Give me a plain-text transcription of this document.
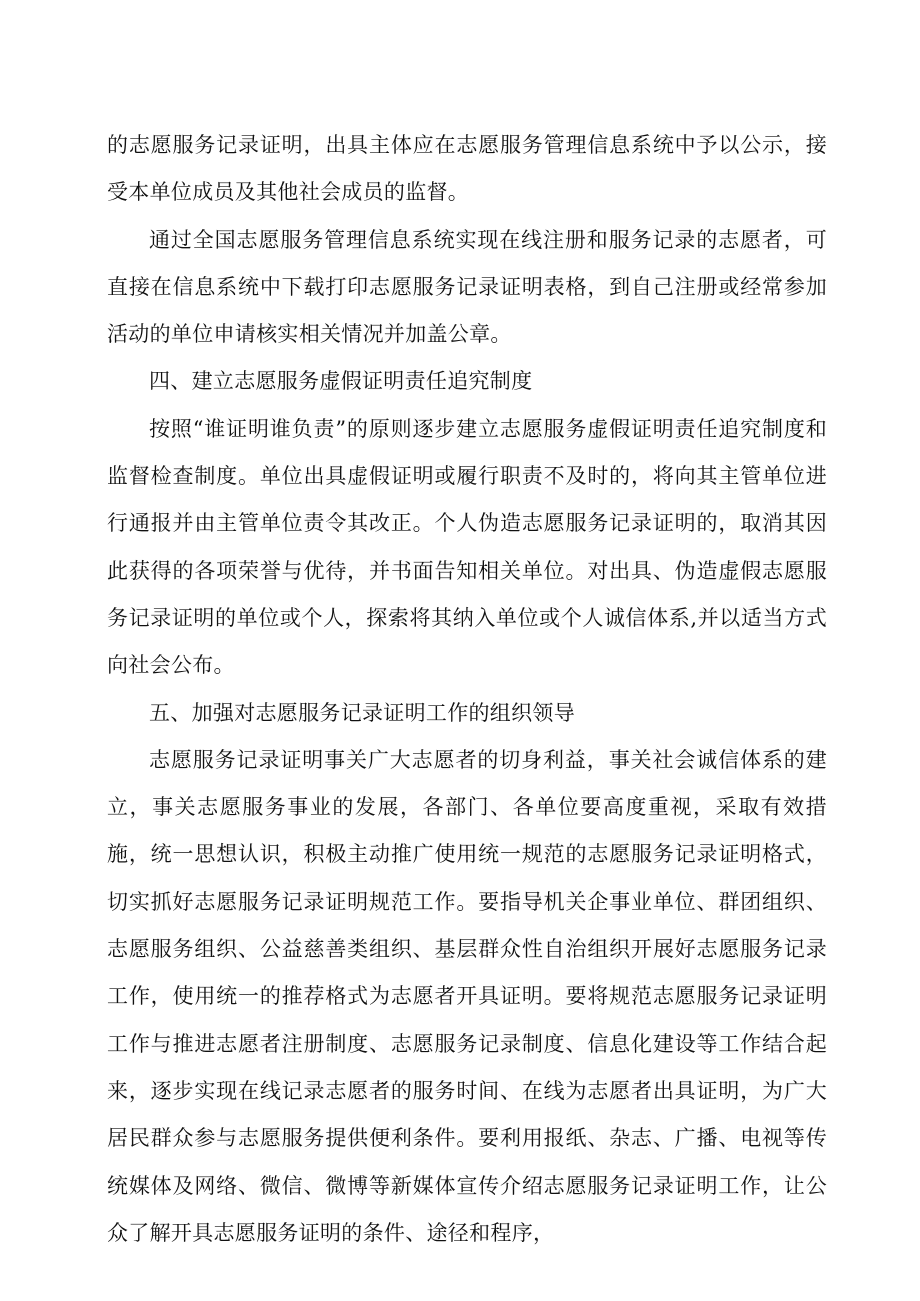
的志愿服务记录证明，出具主体应在志愿服务管理信息系统中予以公示，接受本单位成员及其他社会成员的监督。

通过全国志愿服务管理信息系统实现在线注册和服务记录的志愿者，可直接在信息系统中下载打印志愿服务记录证明表格，到自己注册或经常参加活动的单位申请核实相关情况并加盖公章。

四、建立志愿服务虚假证明责任追究制度

按照“谁证明谁负责”的原则逐步建立志愿服务虚假证明责任追究制度和监督检查制度。单位出具虚假证明或履行职责不及时的，将向其主管单位进行通报并由主管单位责令其改正。个人伪造志愿服务记录证明的，取消其因此获得的各项荣誉与优待，并书面告知相关单位。对出具、伪造虚假志愿服务记录证明的单位或个人，探索将其纳入单位或个人诚信体系,并以适当方式向社会公布。

五、加强对志愿服务记录证明工作的组织领导

志愿服务记录证明事关广大志愿者的切身利益，事关社会诚信体系的建立，事关志愿服务事业的发展，各部门、各单位要高度重视，采取有效措施，统一思想认识，积极主动推广使用统一规范的志愿服务记录证明格式，切实抓好志愿服务记录证明规范工作。要指导机关企事业单位、群团组织、志愿服务组织、公益慈善类组织、基层群众性自治组织开展好志愿服务记录工作，使用统一的推荐格式为志愿者开具证明。要将规范志愿服务记录证明工作与推进志愿者注册制度、志愿服务记录制度、信息化建设等工作结合起来，逐步实现在线记录志愿者的服务时间、在线为志愿者出具证明，为广大居民群众参与志愿服务提供便利条件。要利用报纸、杂志、广播、电视等传统媒体及网络、微信、微博等新媒体宣传介绍志愿服务记录证明工作，让公众了解开具志愿服务证明的条件、途径和程序，
